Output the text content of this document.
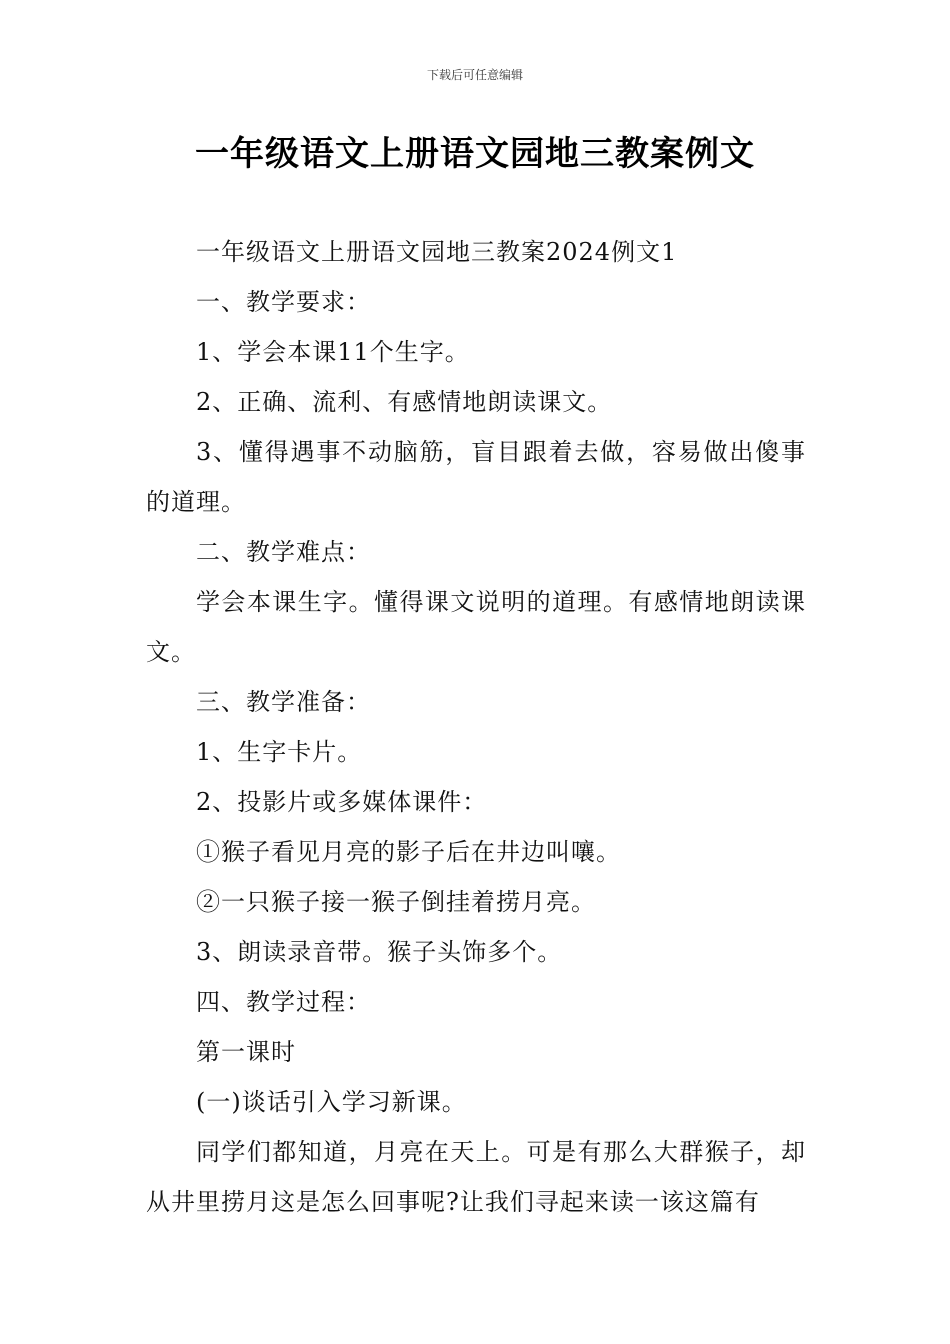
下载后可任意编辑
一年级语文上册语文园地三教案例文

一年级语文上册语文园地三教案2024例文1

一、教学要求：

1、学会本课11个生字。

2、正确、流利、有感情地朗读课文。

3、懂得遇事不动脑筋，盲目跟着去做，容易做出傻事的道理。

二、教学难点：

学会本课生字。懂得课文说明的道理。有感情地朗读课文。

三、教学准备：

1、生字卡片。

2、投影片或多媒体课件：

①猴子看见月亮的影子后在井边叫嚷。

②一只猴子接一猴子倒挂着捞月亮。

3、朗读录音带。猴子头饰多个。

四、教学过程：

第一课时

(一)谈话引入学习新课。

同学们都知道，月亮在天上。可是有那么大群猴子，却从井里捞月这是怎么回事呢?让我们寻起来读一该这篇有
